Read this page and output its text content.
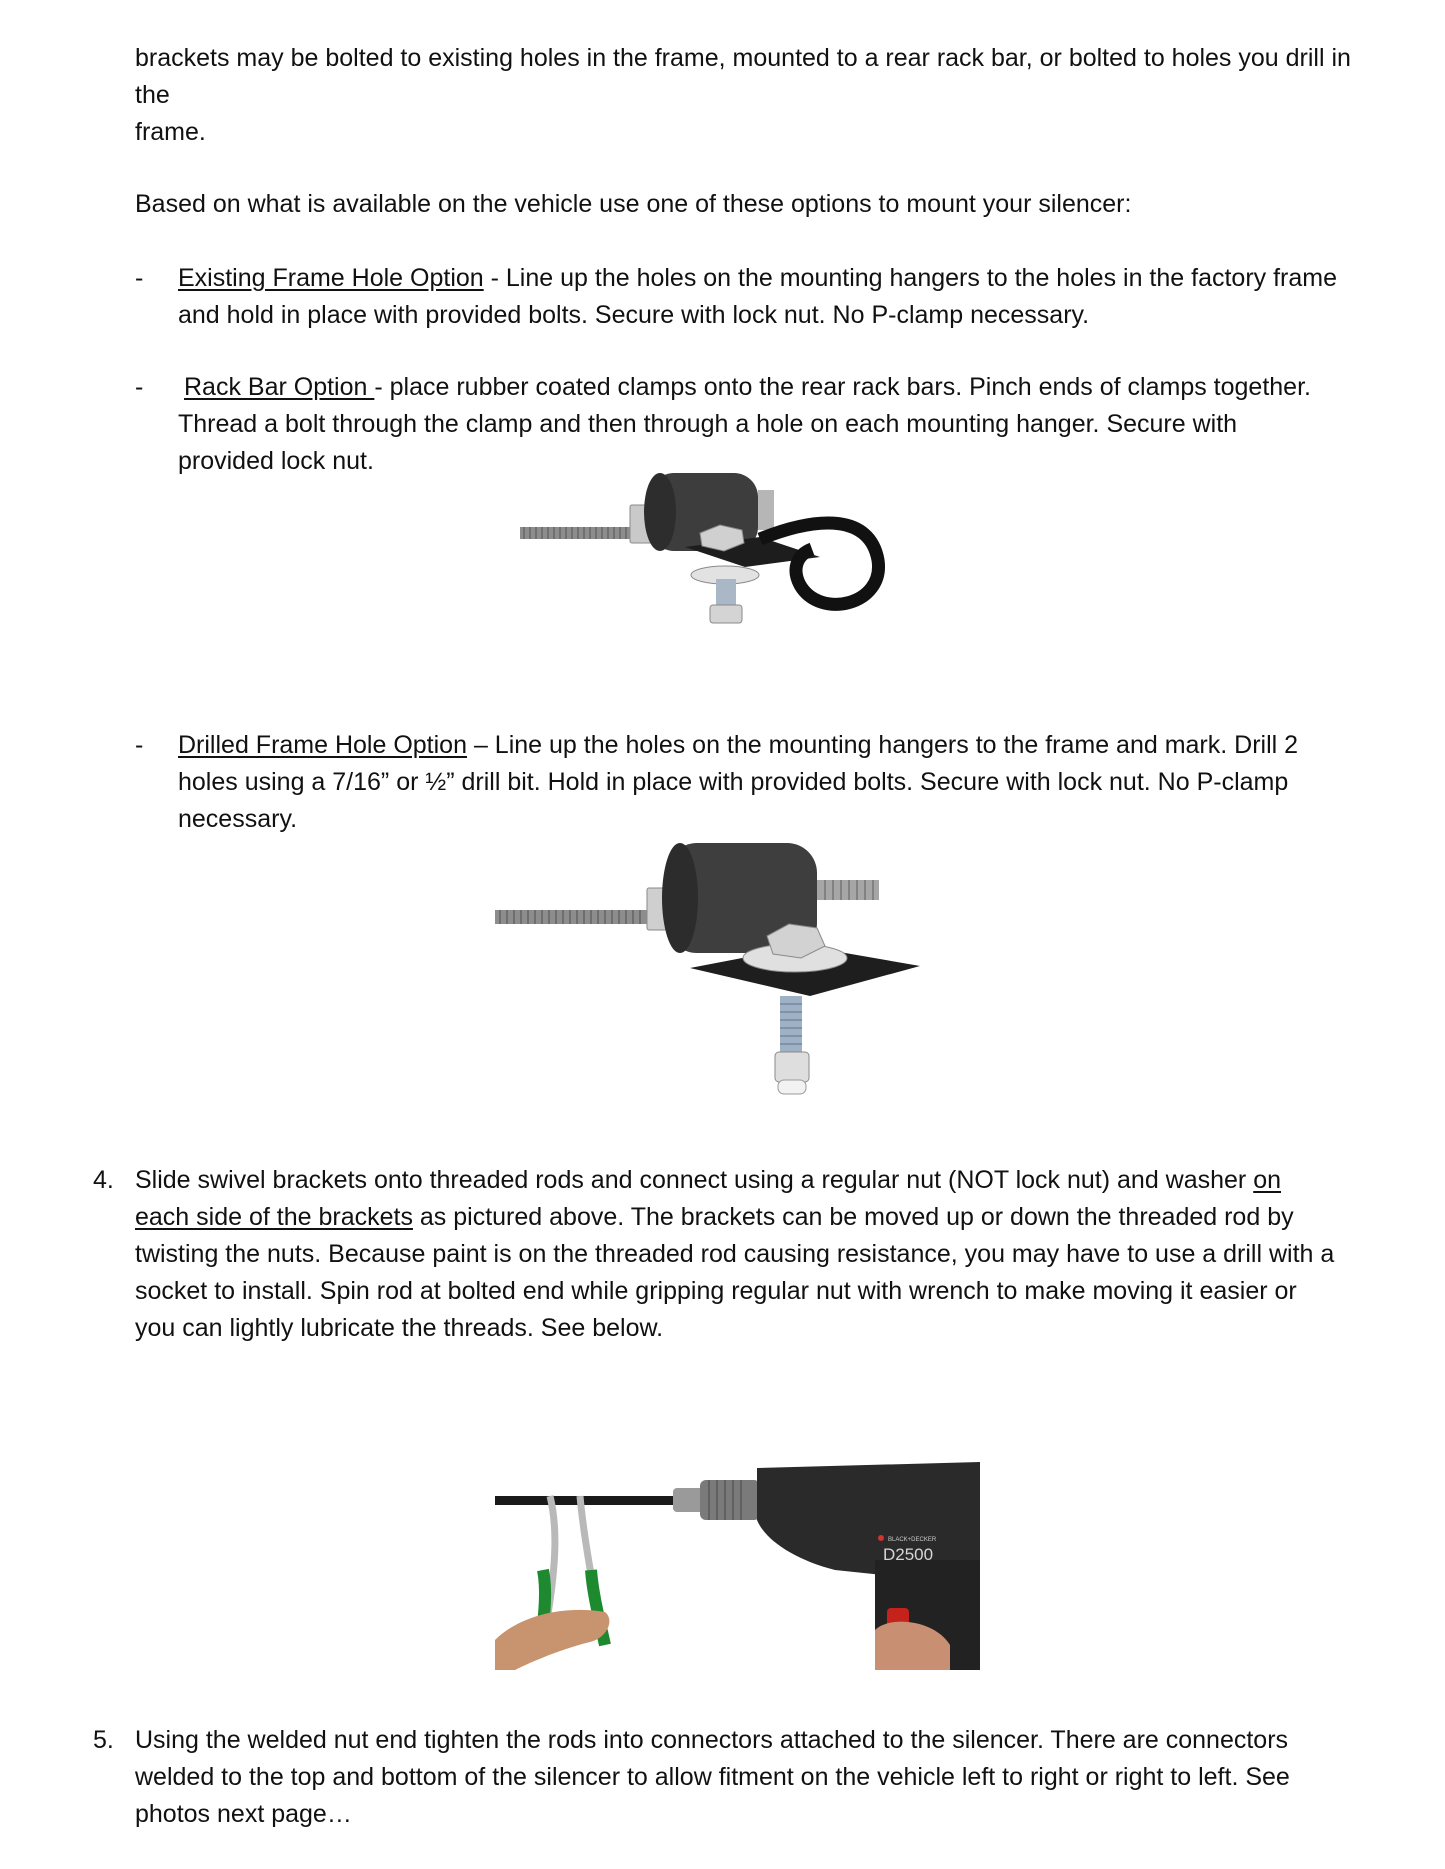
brackets may be bolted to existing holes in the frame, mounted to a rear rack bar, or bolted to holes you drill in the
frame.

Based on what is available on the vehicle use one of these options to mount your silencer:

- Existing Frame Hole Option - Line up the holes on the mounting hangers to the holes in the factory frame and hold in place with provided bolts. Secure with lock nut. No P-clamp necessary.

- Rack Bar Option - place rubber coated clamps onto the rear rack bars. Pinch ends of clamps together. Thread a bolt through the clamp and then through a hole on each mounting hanger. Secure with provided lock nut.

- Drilled Frame Hole Option – Line up the holes on the mounting hangers to the frame and mark. Drill 2 holes using a 7/16” or ½” drill bit. Hold in place with provided bolts. Secure with lock nut. No P-clamp necessary.

4. Slide swivel brackets onto threaded rods and connect using a regular nut (NOT lock nut) and washer on each side of the brackets as pictured above. The brackets can be moved up or down the threaded rod by twisting the nuts. Because paint is on the threaded rod causing resistance, you may have to use a drill with a socket to install. Spin rod at bolted end while gripping regular nut with wrench to make moving it easier or you can lightly lubricate the threads. See below.

BLACK+DECKER
D2500
5. Using the welded nut end tighten the rods into connectors attached to the silencer. There are connectors welded to the top and bottom of the silencer to allow fitment on the vehicle left to right or right to left. See photos next page…
